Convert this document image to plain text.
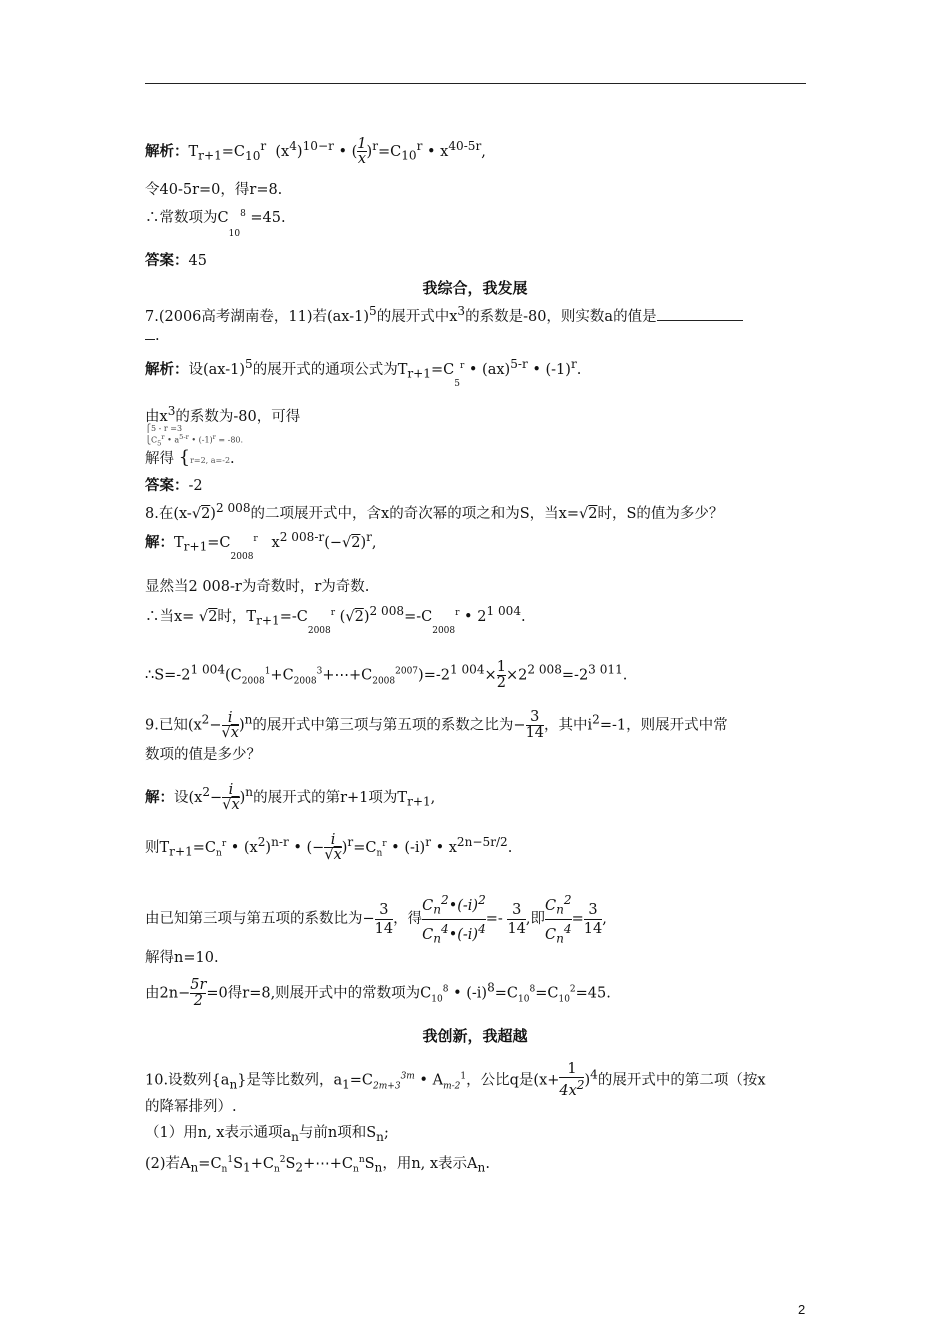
解析：$T_{r+1}=C_{10}^r$  $(x^4)^{10-r}$ • ( $\frac{1}{x} )^r=C_{10}^r$ • $x^{40-5r}$,
令40-5r=0，得r=8.
∴常数项为$C_{10}^8 =45$.
答案：45
我综合，我发展
7.(2006高考湖南卷，11)若$(ax-1)^5$的展开式中$x^3$的系数是-80，则实数a的值是
.
解析：设$(ax-1)^5$的展开式的通项公式为$T_{r+1}=C_5^r$ • (ax)$^{5-r}$ • $(-1)^r$.
由$x^3$的系数为-80，可得
⎧5 - r =3
$⎩C_5^r$ • $a^{5-r}$ • $(-1)^r = -80$.
解得 {r=2, a=-2.
答案：-2
8.在$(x-√2)^{2 008}$的二项展开式中，含x的奇次幂的项之和为S，当x=√2时，S的值为多少？
解：$T_{r+1}=C_{2008}^r$   $x^{2 008-r}(-√2)^r$,
显然当2 008-r为奇数时，r为奇数.
∴当x= √2时，$T_{r+1}=-C_{2008}^r$ $(√2)^{2 008}=-C_{2008}^r$ • $2^{1 004}$.
$\therefore S=-2^{1 004}(C_{2008}^1+C_{2008}^3+\cdots+C_{2008}^{2007})=-2^{1 004}\times \frac{1}{2} \times 2^{2 008}=-2^{3 011}$.
9.已知$(x^2- \frac{i}{√x} )^n$的展开式中第三项与第五项的系数之比为− $\frac{3}{14}$ ，其中$i^2=-1$，则展开式中常
数项的值是多少？
解：设$(x^2- \frac{i}{√x} )^n$的展开式的第r+1项为$T_{r+1}$,
则$T_{r+1}=C_n^r$ • $(x^2)^{n-r}$ • (− $\frac{i}{√x} )^r=C_n^r$ • $(-i)^r$ • $x^{2n-5r/2}$.
由已知第三项与第五项的系数比为− $\frac{3}{14}$ ，得 $\frac{C_n^2•(-i)^2}{C_n^4•(-i)^4} =- \frac{3}{14}$ ,即 $\frac{C_n^2}{C_n^4} = \frac{3}{14}$ ,
解得n=10.
由$2n- \frac{5r}{2} =0$得r=8,则展开式中的常数项为$C_{10}^8$ • $(-i)^8=C_{10}^8=C_{10}^2=45$.
我创新，我超越
10.设数列$\{a_n\}$是等比数列，$a_1=C_{2m+3}^{3m}$ • $A_{m-2}^1$，公比q是$(x+ \frac{1}{4x^2} )^4$的展开式中的第二项（按x
的降幂排列）.
（1）用n, x表示通项$a_n$与前n项和$S_n$;
(2)若$A_n=C_n^1S_1+C_n^2S_2+\cdots+C_n^nS_n$，用n, x表示$A_n$.
2
